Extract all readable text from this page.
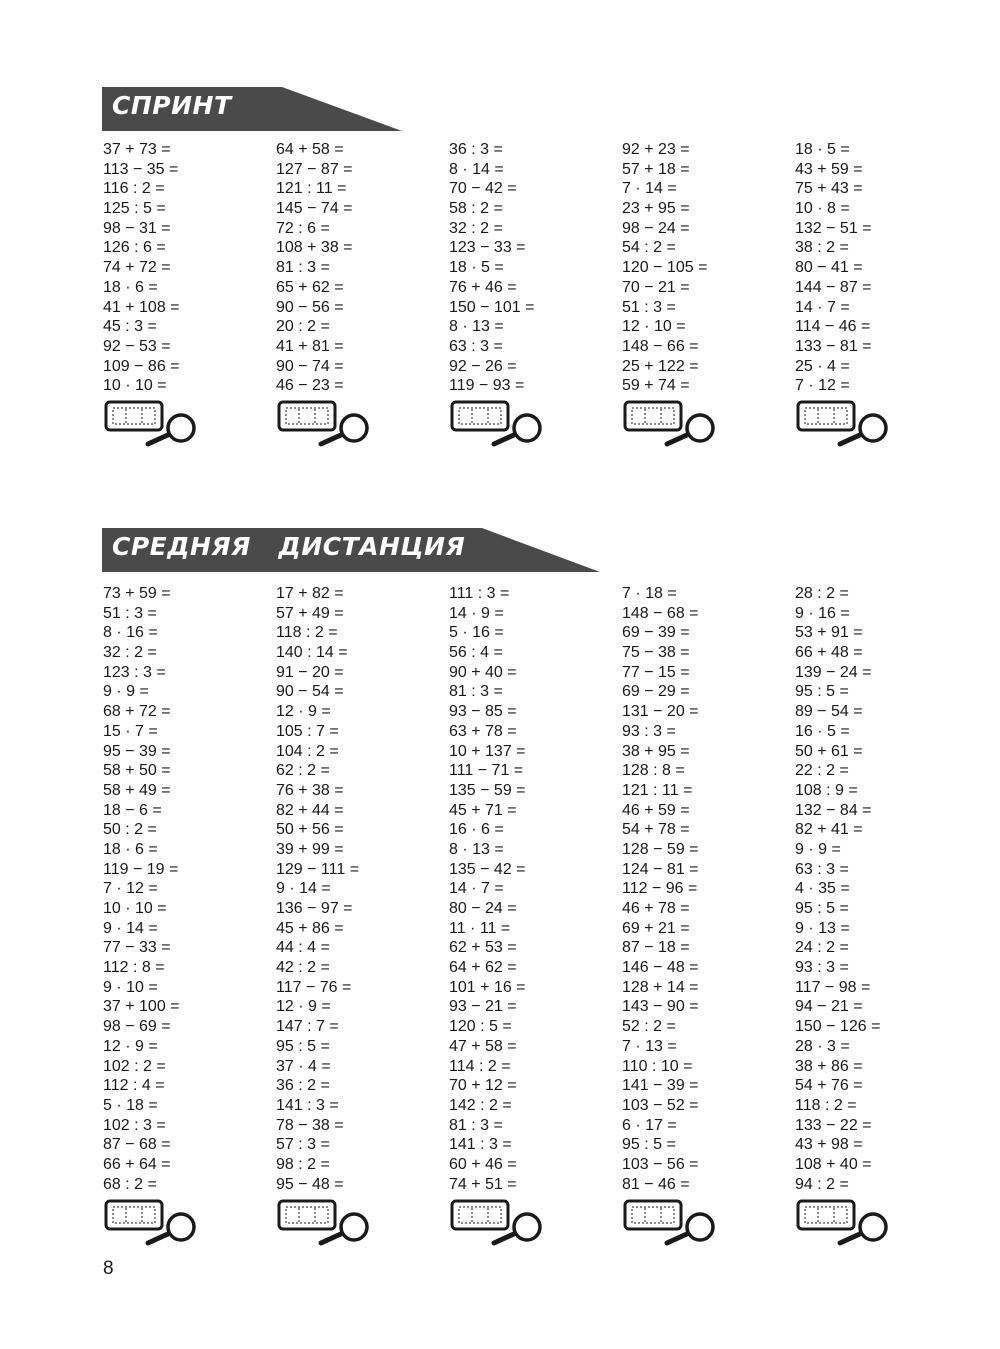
СПРИНТ
СРЕДНЯЯ   ДИСТАНЦИЯ
37 + 73 =
113 − 35 =
116 : 2 =
125 : 5 =
98 − 31 =
126 : 6 =
74 + 72 =
18 · 6 =
41 + 108 =
45 : 3 =
92 − 53 =
109 − 86 =
10 · 10 =
64 + 58 =
127 − 87 =
121 : 11 =
145 − 74 =
72 : 6 =
108 + 38 =
81 : 3 =
65 + 62 =
90 − 56 =
20 : 2 =
41 + 81 =
90 − 74 =
46 − 23 =
36 : 3 =
8 · 14 =
70 − 42 =
58 : 2 =
32 : 2 =
123 − 33 =
18 · 5 =
76 + 46 =
150 − 101 =
8 · 13 =
63 : 3 =
92 − 26 =
119 − 93 =
92 + 23 =
57 + 18 =
7 · 14 =
23 + 95 =
98 − 24 =
54 : 2 =
120 − 105 =
70 − 21 =
51 : 3 =
12 · 10 =
148 − 66 =
25 + 122 =
59 + 74 =
18 · 5 =
43 + 59 =
75 + 43 =
10 · 8 =
132 − 51 =
38 : 2 =
80 − 41 =
144 − 87 =
14 · 7 =
114 − 46 =
133 − 81 =
25 · 4 =
7 · 12 =
73 + 59 =
51 : 3 =
8 · 16 =
32 : 2 =
123 : 3 =
9 · 9 =
68 + 72 =
15 · 7 =
95 − 39 =
58 + 50 =
58 + 49 =
18 − 6 =
50 : 2 =
18 · 6 =
119 − 19 =
7 · 12 =
10 · 10 =
9 · 14 =
77 − 33 =
112 : 8 =
9 · 10 =
37 + 100 =
98 − 69 =
12 · 9 =
102 : 2 =
112 : 4 =
5 · 18 =
102 : 3 =
87 − 68 =
66 + 64 =
68 : 2 =
17 + 82 =
57 + 49 =
118 : 2 =
140 : 14 =
91 − 20 =
90 − 54 =
12 · 9 =
105 : 7 =
104 : 2 =
62 : 2 =
76 + 38 =
82 + 44 =
50 + 56 =
39 + 99 =
129 − 111 =
9 · 14 =
136 − 97 =
45 + 86 =
44 : 4 =
42 : 2 =
117 − 76 =
12 · 9 =
147 : 7 =
95 : 5 =
37 · 4 =
36 : 2 =
141 : 3 =
78 − 38 =
57 : 3 =
98 : 2 =
95 − 48 =
111 : 3 =
14 · 9 =
5 · 16 =
56 : 4 =
90 + 40 =
81 : 3 =
93 − 85 =
63 + 78 =
10 + 137 =
111 − 71 =
135 − 59 =
45 + 71 =
16 · 6 =
8 · 13 =
135 − 42 =
14 · 7 =
80 − 24 =
11 · 11 =
62 + 53 =
64 + 62 =
101 + 16 =
93 − 21 =
120 : 5 =
47 + 58 =
114 : 2 =
70 + 12 =
142 : 2 =
81 : 3 =
141 : 3 =
60 + 46 =
74 + 51 =
7 · 18 =
148 − 68 =
69 − 39 =
75 − 38 =
77 − 15 =
69 − 29 =
131 − 20 =
93 : 3 =
38 + 95 =
128 : 8 =
121 : 11 =
46 + 59 =
54 + 78 =
128 − 59 =
124 − 81 =
112 − 96 =
46 + 78 =
69 + 21 =
87 − 18 =
146 − 48 =
128 + 14 =
143 − 90 =
52 : 2 =
7 · 13 =
110 : 10 =
141 − 39 =
103 − 52 =
6 · 17 =
95 : 5 =
103 − 56 =
81 − 46 =
28 : 2 =
9 · 16 =
53 + 91 =
66 + 48 =
139 − 24 =
95 : 5 =
89 − 54 =
16 · 5 =
50 + 61 =
22 : 2 =
108 : 9 =
132 − 84 =
82 + 41 =
9 · 9 =
63 : 3 =
4 · 35 =
95 : 5 =
9 · 13 =
24 : 2 =
93 : 3 =
117 − 98 =
94 − 21 =
150 − 126 =
28 · 3 =
38 + 86 =
54 + 76 =
118 : 2 =
133 − 22 =
43 + 98 =
108 + 40 =
94 : 2 =
8
